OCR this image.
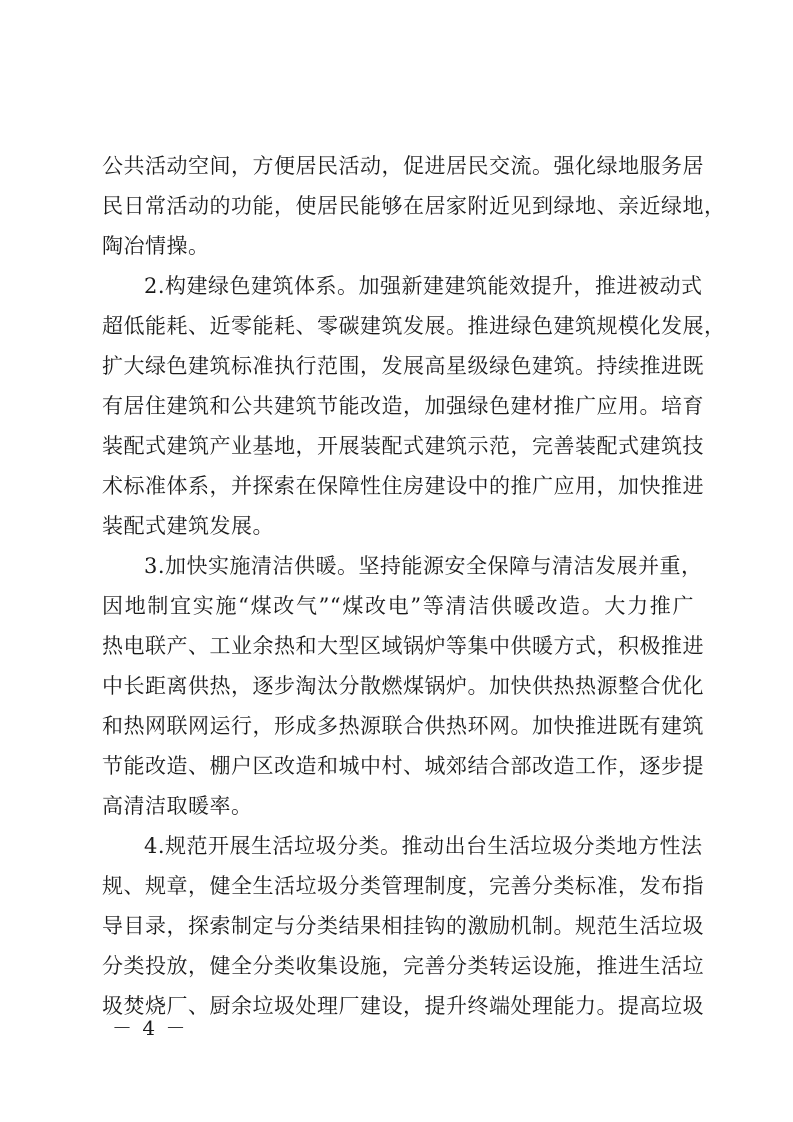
公共活动空间，方便居民活动，促进居民交流。强化绿地服务居
民日常活动的功能，使居民能够在居家附近见到绿地、亲近绿地，
陶冶情操。
2.构建绿色建筑体系。加强新建建筑能效提升，推进被动式
超低能耗、近零能耗、零碳建筑发展。推进绿色建筑规模化发展，
扩大绿色建筑标准执行范围，发展高星级绿色建筑。持续推进既
有居住建筑和公共建筑节能改造，加强绿色建材推广应用。培育
装配式建筑产业基地，开展装配式建筑示范，完善装配式建筑技
术标准体系，并探索在保障性住房建设中的推广应用，加快推进
装配式建筑发展。
3.加快实施清洁供暖。坚持能源安全保障与清洁发展并重，
因地制宜实施“煤改气”“煤改电”等清洁供暖改造。大力推广
热电联产、工业余热和大型区域锅炉等集中供暖方式，积极推进
中长距离供热，逐步淘汰分散燃煤锅炉。加快供热热源整合优化
和热网联网运行，形成多热源联合供热环网。加快推进既有建筑
节能改造、棚户区改造和城中村、城郊结合部改造工作，逐步提
高清洁取暖率。
4.规范开展生活垃圾分类。推动出台生活垃圾分类地方性法
规、规章，健全生活垃圾分类管理制度，完善分类标准，发布指
导目录，探索制定与分类结果相挂钩的激励机制。规范生活垃圾
分类投放，健全分类收集设施，完善分类转运设施，推进生活垃
圾焚烧厂、厨余垃圾处理厂建设，提升终端处理能力。提高垃圾
－ 4 －
